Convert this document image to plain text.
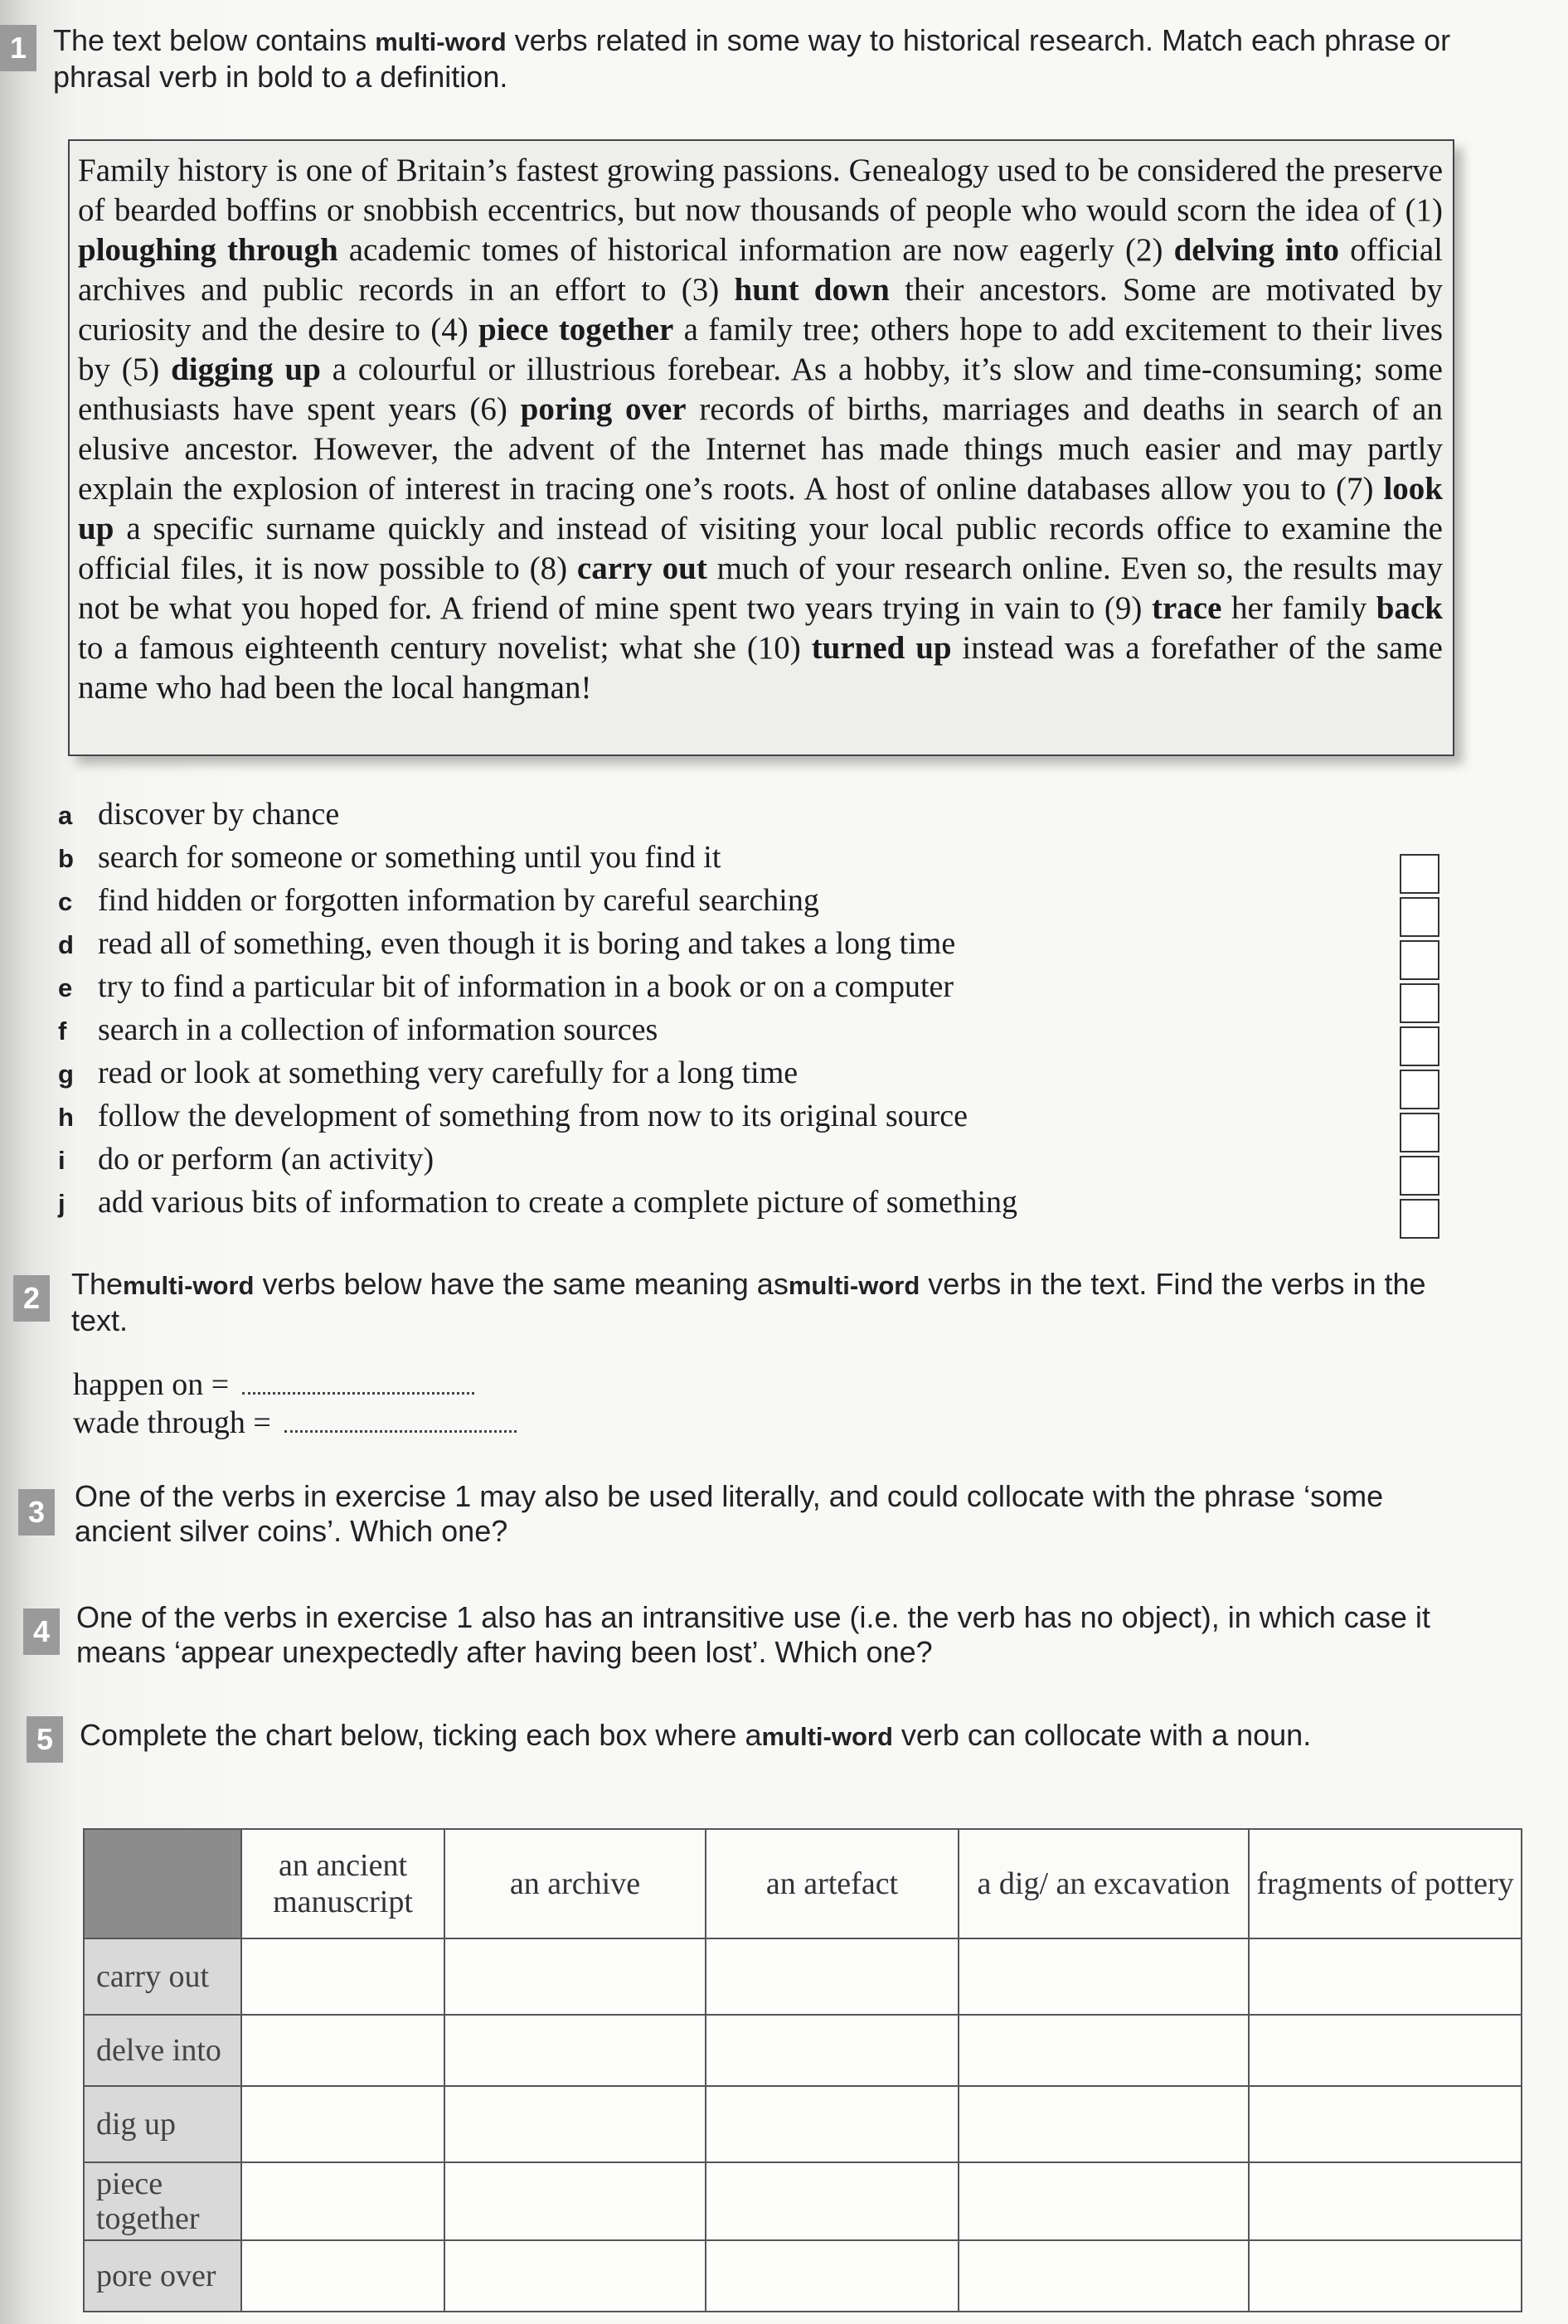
1 The text below contains multi-word verbs related in some way to historical research. Match each phrase or phrasal verb in bold to a definition.

Family history is one of Britain’s fastest growing passions. Genealogy used to be considered the preserve of bearded boffins or snobbish eccentrics, but now thousands of people who would scorn the idea of (1) ploughing through academic tomes of historical information are now eagerly (2) delving into official archives and public records in an effort to (3) hunt down their ancestors. Some are motivated by curiosity and the desire to (4) piece together a family tree; others hope to add excitement to their lives by (5) digging up a colourful or illustrious forebear. As a hobby, it’s slow and time-consuming; some enthusiasts have spent years (6) poring over records of births, marriages and deaths in search of an elusive ancestor. However, the advent of the Internet has made things much easier and may partly explain the explosion of interest in tracing one’s roots. A host of online databases allow you to (7) look up a specific surname quickly and instead of visiting your local public records office to examine the official files, it is now possible to (8) carry out much of your research online. Even so, the results may not be what you hoped for. A friend of mine spent two years trying in vain to (9) trace her family back to a famous eighteenth century novelist; what she (10) turned up instead was a forefather of the same name who had been the local hangman!

a discover by chance
b search for someone or something until you find it
c find hidden or forgotten information by careful searching
d read all of something, even though it is boring and takes a long time
e try to find a particular bit of information in a book or on a computer
f search in a collection of information sources
g read or look at something very carefully for a long time
h follow the development of something from now to its original source
i do or perform (an activity)
j add various bits of information to create a complete picture of something
2	Themulti-word verbs below have the same meaning asmulti-word verbs in the text. Find the verbs in the text.
happen on =
wade through =
3 One of the verbs in exercise 1 may also be used literally, and could collocate with the phrase ‘some ancient silver coins’. Which one?
4 One of the verbs in exercise 1 also has an intransitive use (i.e. the verb has no object), in which case it means ‘appear unexpectedly after having been lost’. Which one?
5 Complete the chart below, ticking each box where amulti-word verb can collocate with a noun.
	an ancient manuscript	an archive	an artefact	a dig/ an excavation	fragments of pottery
carry out					
delve into					
dig up					
piece together					
pore over					
